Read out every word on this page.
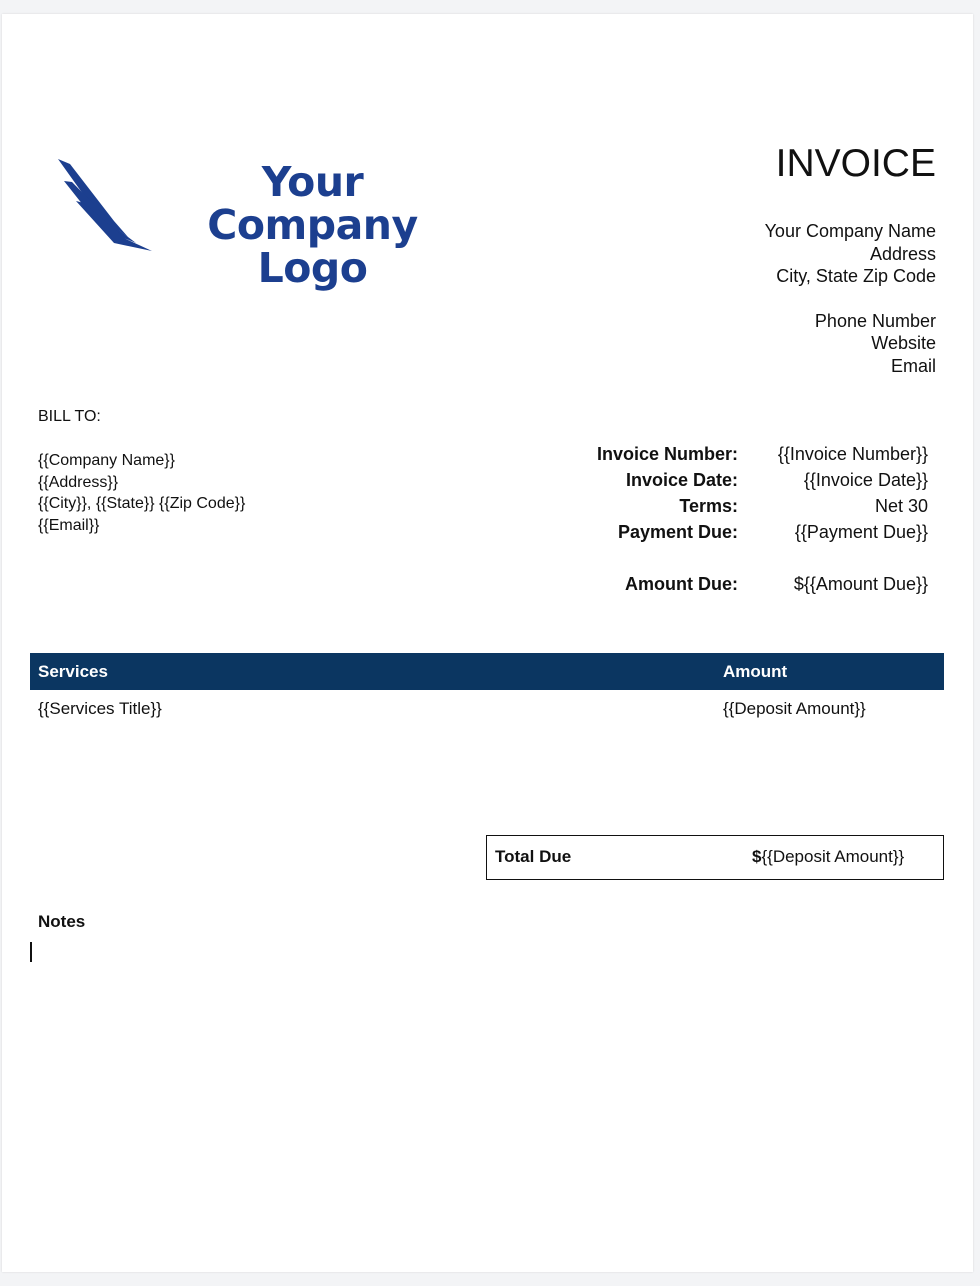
Your Company
Logo
INVOICE
Your Company Name
Address
City, State Zip Code
Phone Number
Website
Email
BILL TO:
{{Company Name}}
{{Address}}
{{City}}, {{State}} {{Zip Code}}
{{Email}}
Invoice Number:	{{Invoice Number}}
Invoice Date:	{{Invoice Date}}
Terms:	Net 30
Payment Due:	{{Payment Due}}

Amount Due:	${{Amount Due}}
Services	Amount
{{Services Title}}	{{Deposit Amount}}
Total Due	${{Deposit Amount}}
Notes
